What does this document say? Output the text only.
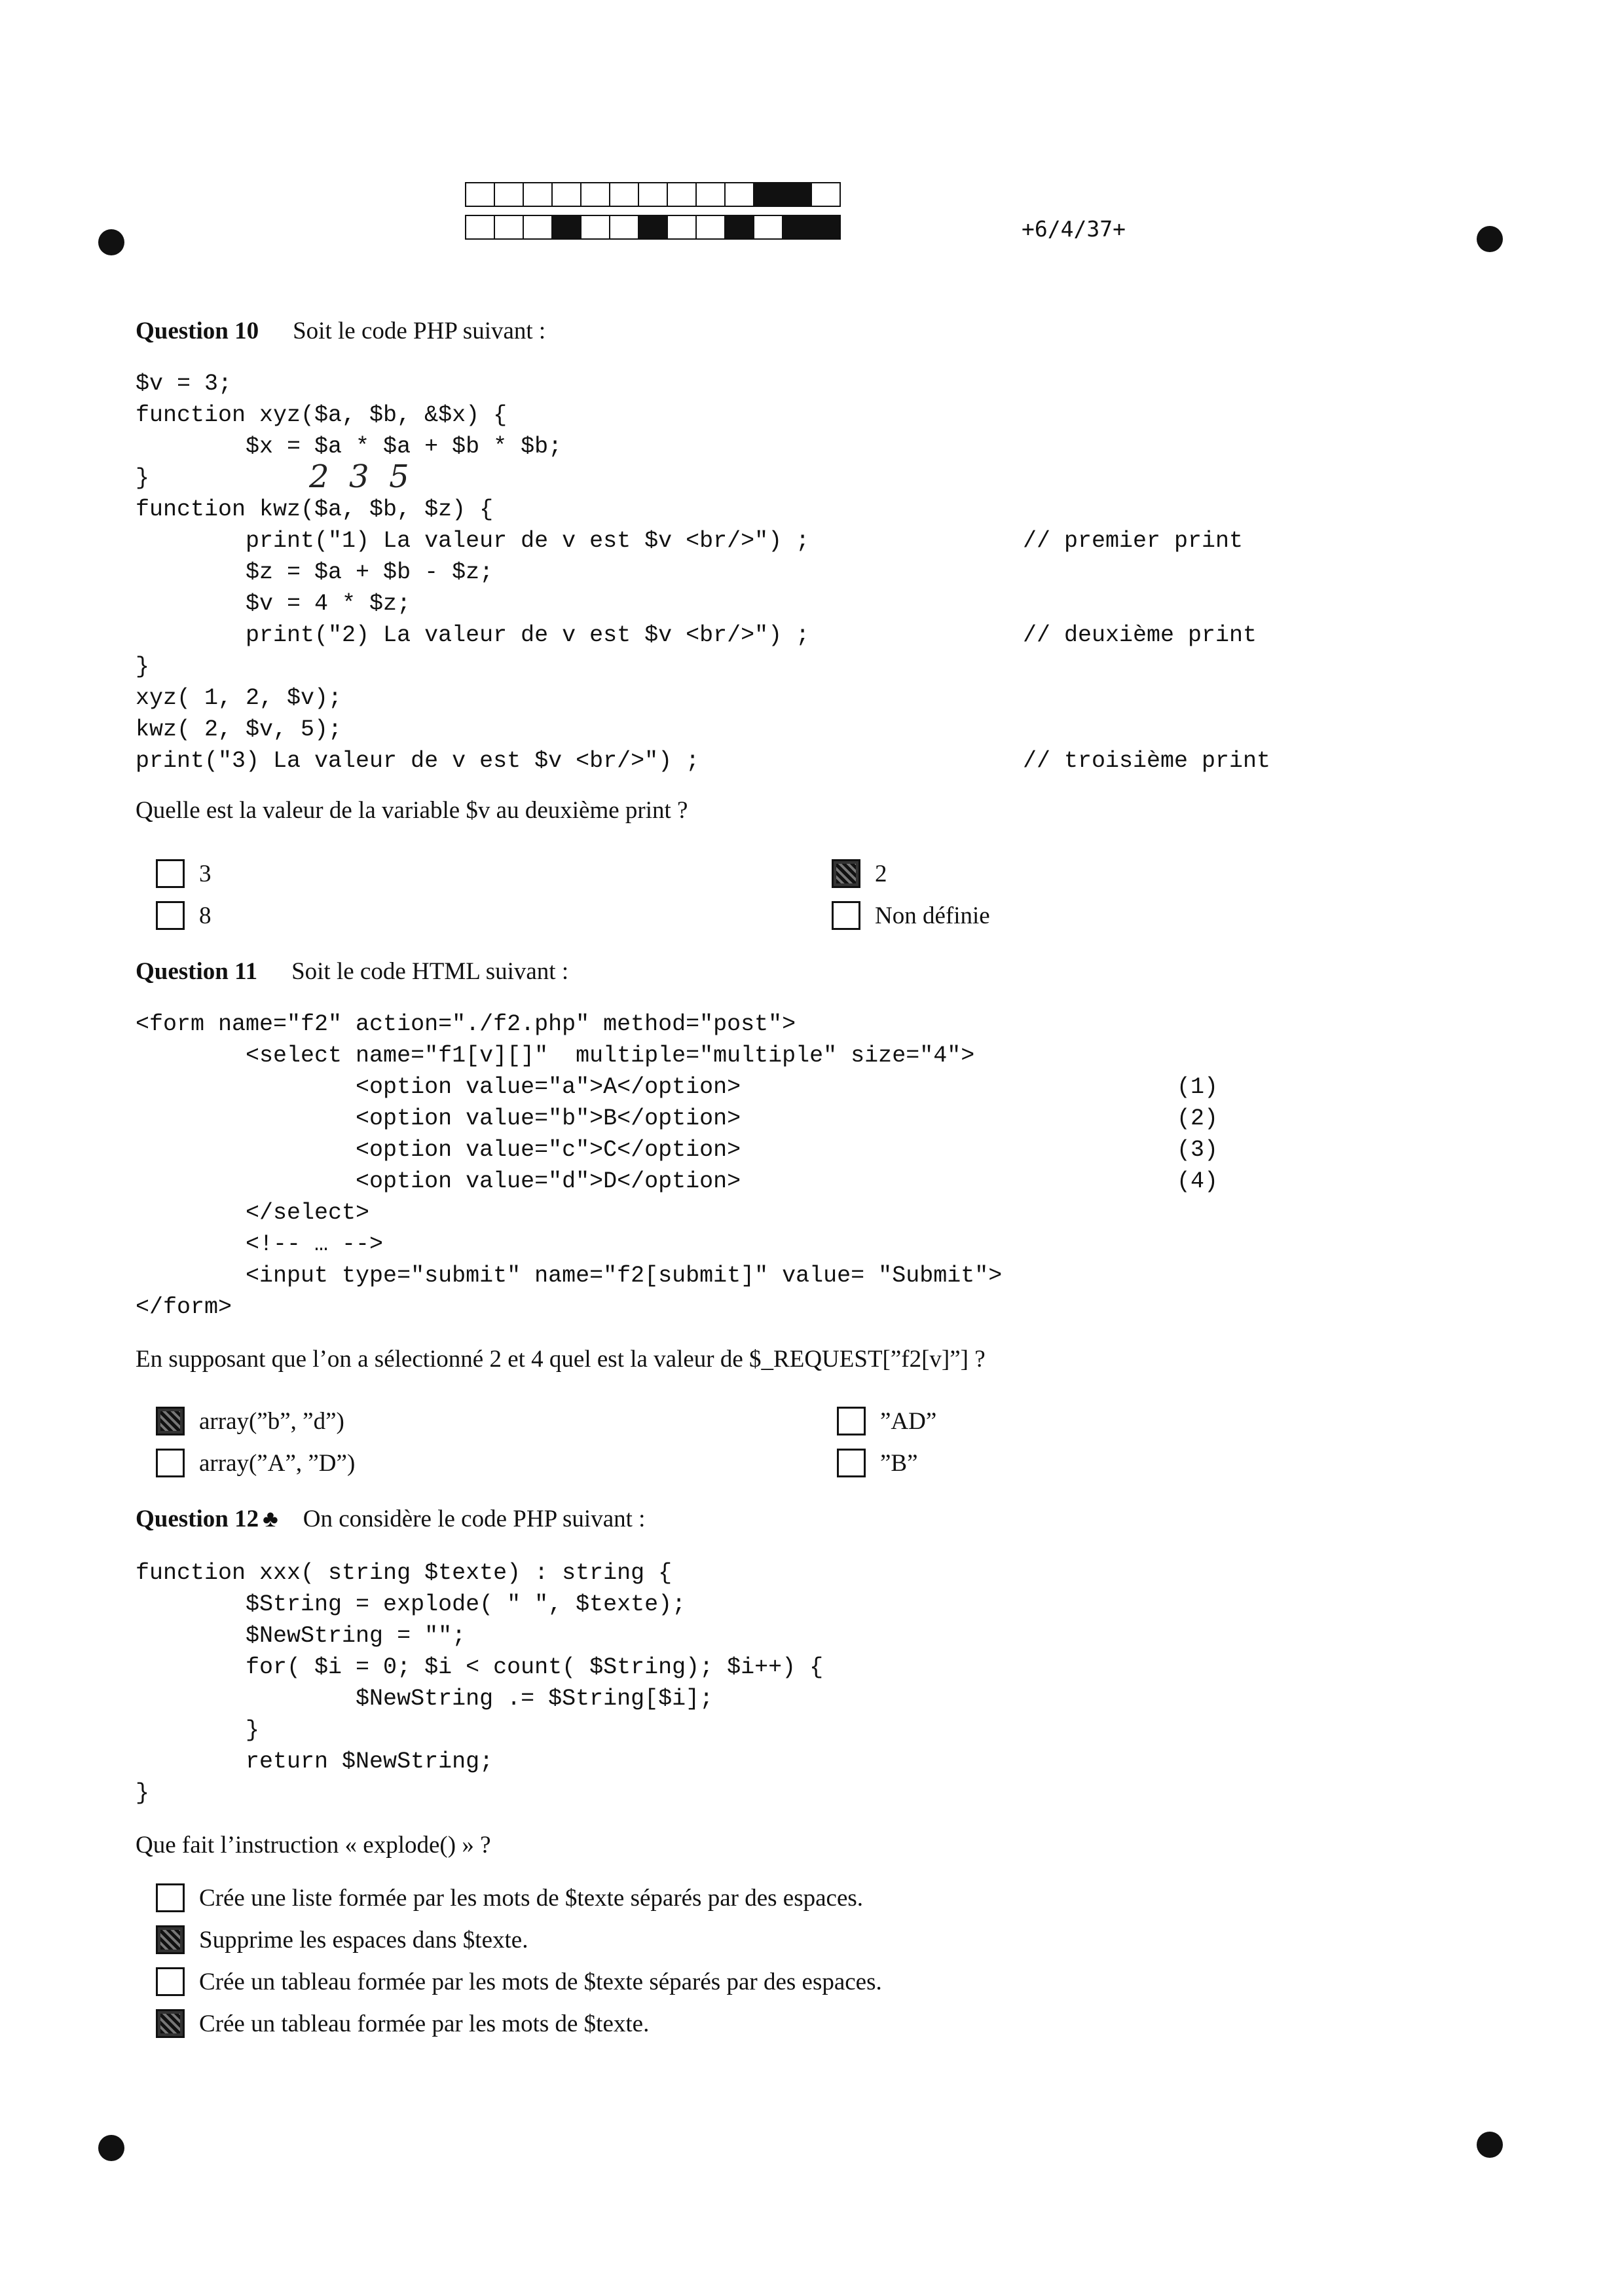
+6/4/37+
Question 10 Soit le code PHP suivant :
$v = 3;
function xyz($a, $b, &$x) {
$x = $a * $a + $b * $b;
}
function kwz($a, $b, $z) {
print("1) La valeur de v est $v <br/>") ;	// premier print
$z = $a + $b - $z;
$v = 4 * $z;
print("2) La valeur de v est $v <br/>") ;	// deuxième print
}
xyz( 1, 2, $v);
kwz( 2, $v, 5);
print("3) La valeur de v est $v <br/>") ;	// troisième print
2  3  5
Quelle est la valeur de la variable $v au deuxième print ?
3
8
2
Non définie
Question 11 Soit le code HTML suivant :
<form name="f2" action="./f2.php" method="post">
<select name="f1[v][]"  multiple="multiple" size="4">
<option value="a">A</option>	(1)
<option value="b">B</option>	(2)
<option value="c">C</option>	(3)
<option value="d">D</option>	(4)
</select>
<!-- … -->
<input type="submit" name="f2[submit]" value= "Submit">
</form>
En supposant que l’on a sélectionné 2 et 4 quel est la valeur de $_REQUEST[”f2[v]”] ?
array(”b”, ”d”)
array(”A”, ”D”)
”AD”
”B”
Question 12 ♣ On considère le code PHP suivant :
function xxx( string $texte) : string {
$String = explode( " ", $texte);
$NewString = "";
for( $i = 0; $i < count( $String); $i++) {
$NewString .= $String[$i];
}
return $NewString;
}
Que fait l’instruction « explode() » ?
Crée une liste formée par les mots de $texte séparés par des espaces.
Supprime les espaces dans $texte.
Crée un tableau formée par les mots de $texte séparés par des espaces.
Crée un tableau formée par les mots de $texte.
